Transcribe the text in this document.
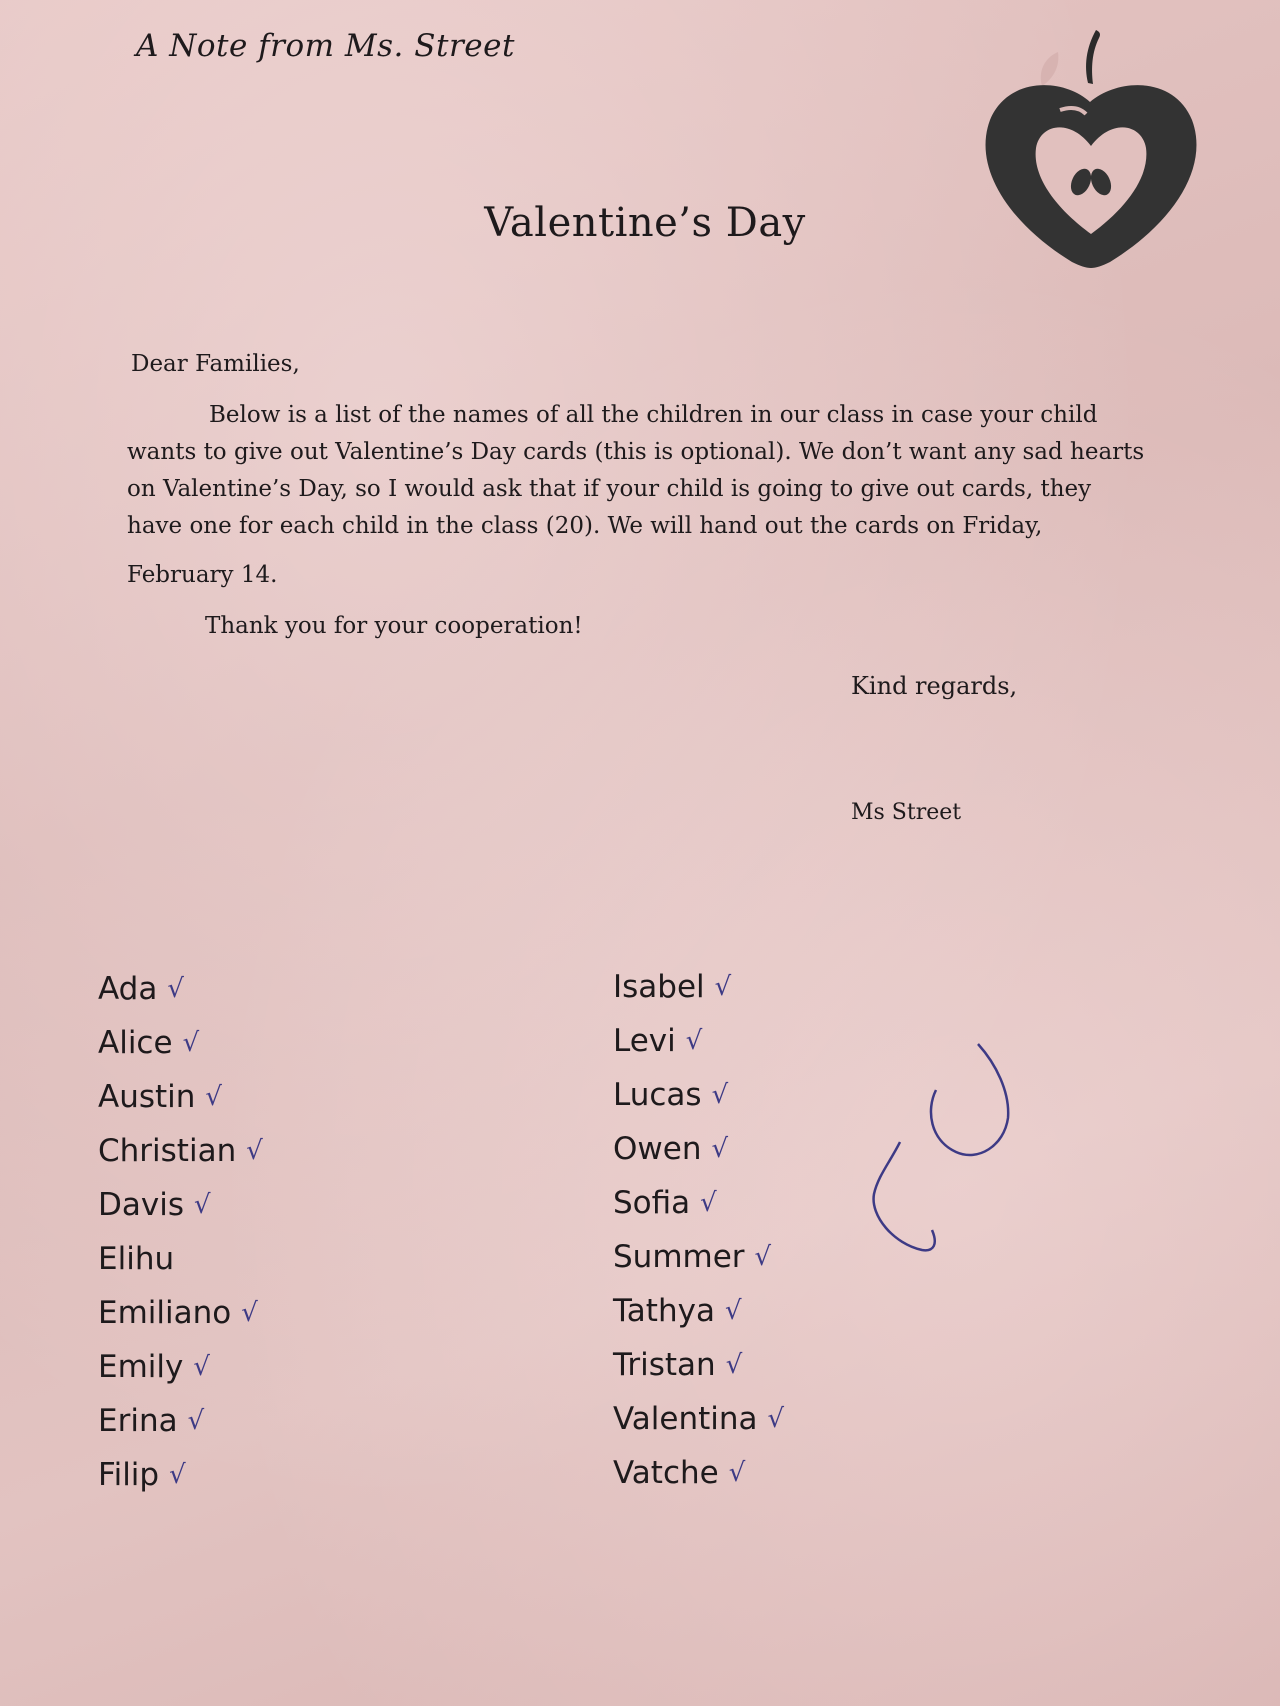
A Note from Ms. Street
Valentine’s Day

Dear Families,

Below is a list of the names of all the children in our class in case your child wants to give out Valentine’s Day cards (this is optional). We don’t want any sad hearts on Valentine’s Day, so I would ask that if your child is going to give out cards, they have one for each child in the class (20). We will hand out the cards on Friday,

February 14.

Thank you for your cooperation!

Kind regards,
Ms Street
Ada √
Alice √
Austin √
Christian √
Davis √
Elihu
Emiliano √
Emily √
Erina √
Filip √
Isabel √
Levi √
Lucas √
Owen √
Sofia √
Summer √
Tathya √
Tristan √
Valentina √
Vatche √
